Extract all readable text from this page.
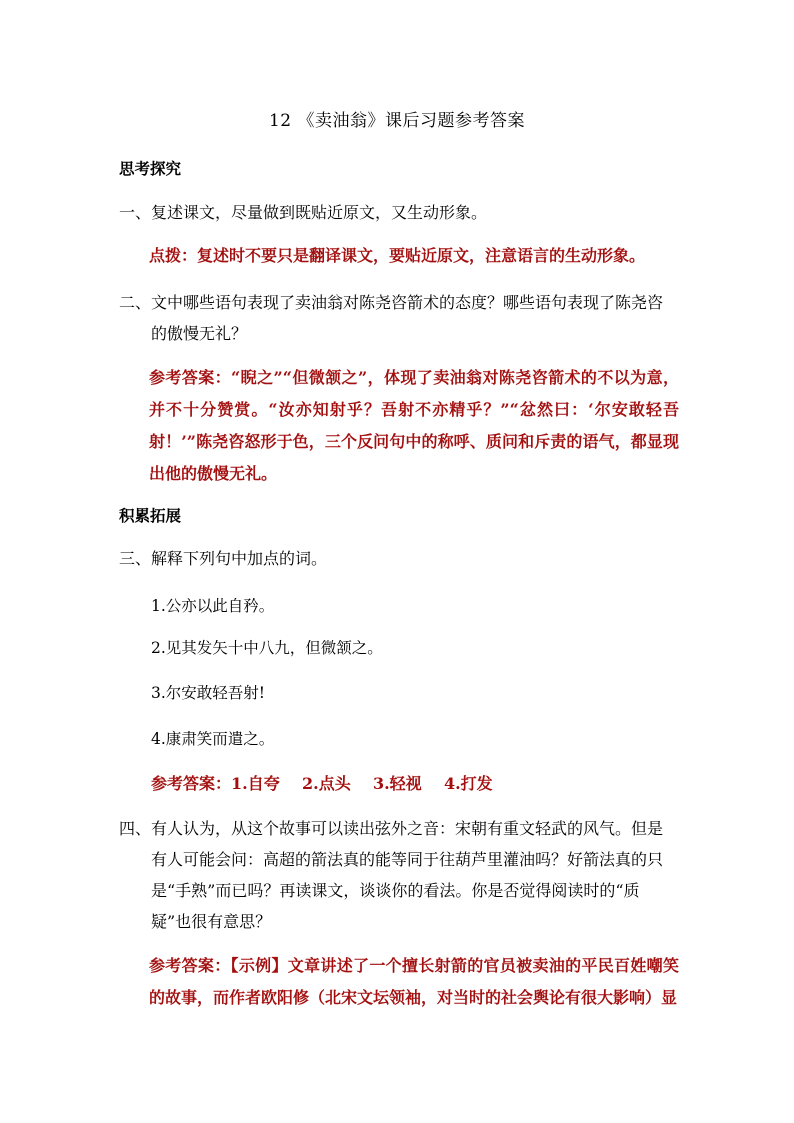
12 《卖油翁》课后习题参考答案
思考探究
一、复述课文，尽量做到既贴近原文，又生动形象。
点拨：复述时不要只是翻译课文，要贴近原文，注意语言的生动形象。
二、文中哪些语句表现了卖油翁对陈尧咨箭术的态度？哪些语句表现了陈尧咨
的傲慢无礼？
参考答案：“睨之”“但微颔之”，体现了卖油翁对陈尧咨箭术的不以为意，并不十分赞赏。“汝亦知射乎？吾射不亦精乎？”“忿然曰：‘尔安敢轻吾射！’”陈尧咨怒形于色，三个反问句中的称呼、质问和斥责的语气，都显现出他的傲慢无礼。
积累拓展
三、解释下列句中加点的词。
1.公亦以此自矜。
2.见其发矢十中八九，但微颔之。
3.尔安敢轻吾射!
4.康肃笑而遣之。
参考答案：1.自夸    2.点头    3.轻视    4.打发
四、有人认为，从这个故事可以读出弦外之音：宋朝有重文轻武的风气。但是
有人可能会问：高超的箭法真的能等同于往葫芦里灌油吗？好箭法真的只
是“手熟”而已吗？再读课文，谈谈你的看法。你是否觉得阅读时的“质
疑”也很有意思？
参考答案：【示例】文章讲述了一个擅长射箭的官员被卖油的平民百姓嘲笑的故事，而作者欧阳修（北宋文坛领袖，对当时的社会舆论有很大影响）显
